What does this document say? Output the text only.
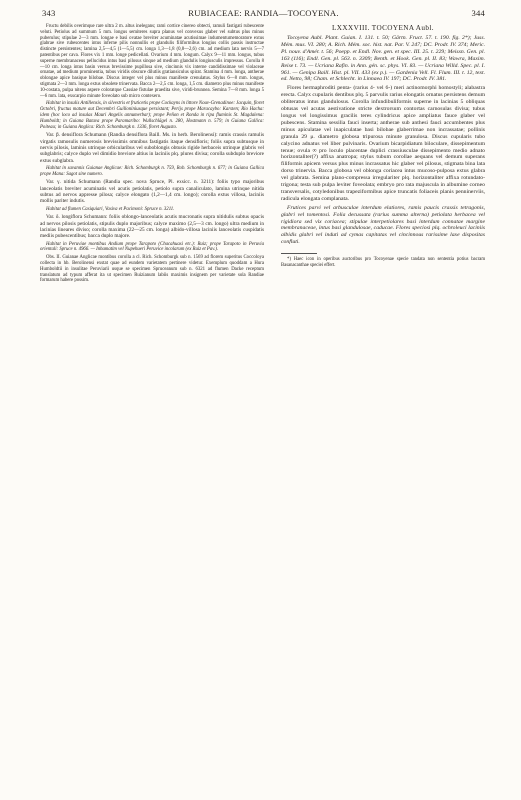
343	RUBIACEAE: RANDIA—TOCOYENA.	344

Fructu debilis overimque rare ultra 2 m. altus inelegans; rami cortice cinereo obtecti, ramuli fastigati rubescente veluti. Petiolus ad summum 5 mm. longus semiteres supra planus vel convexus glaber vel subtus plus minus puberulus; stipulae 2—3 mm. longae e basi ovatae breviter acuminatae acutissimae indumentumemoratore extus glabrae sive rubescentes intus inferne pilis nonnullis et glandulis filiformibus longius collis passis instructae distincte persistentes; lamina 2,5—4,5 (1—5,5) cm. longa 1,3—1,8 (0,8—2,6) cm. ad medium lata nervis 5—7 patentibus per cava. Flores vix 1 mm. longe pedicellati. Ovarium 4 mm. longum. Calyx 9—11 mm. longus, tubus superne membranaceus pellucidus intus basi pilosus sinque ad medium glandulis longiusculis impressus. Corolla 8—10 cm. longa intus basin versus brevissime pupillosa sive, cincinnis vix interne candidissimae vel violaceae ornatae, ad medium prominentia, tubus viridis obscure dilutiis gratiansiculus spirat. Stamina 4 mm. longa, antherae oblongae apice basique bilobae. Discus integer vel plus minus manifeste crenulatus. Stylus 6—8 mm. longus, stigmata 2—3 mm. longa extus obsolete trinervata. Bacca 2—2,5 cm. longa, 1,5 cm. diametro plus minus manifeste 10-costata, pulpa nitens aspere coloratque Cassiae fistulae praedita sive, viridi-brunnea. Semina 7—8 mm. longa 5—6 mm. lata, exscarpio minute foveolato sub micro contexero.

Habitat in insulis Antillensis, in silvestris et fruticetis prope Cockayns in littore Nouv-Grenadinoe: Jacquin, floret Octobri, fructus mature aut Decembri Guilloniniusque persistant; Perijs prope Maracaybo: Karsten; Rio Hacha: idem (hoc loco ad insulas Mauri Angelis annumerbar); prope Peñon et Ronda in ripa fluminis St. Magdalena: Humboldt; in Guiana Batava prope Paramaribo: Wullschlägel n. 280, Hostmann n. 579; in Guiana Gallica: Poiteau; in Guiana Anglica: Rich. Schomburgk n. 1336, floret Augusto.

Var. β. densiflora Schumann (Randia densiflora Baill. Ms. in herb. Berolinensi): ramis crassis ramulis virgatis ramosulis numerosis brevissimis omnibus fastigatis itaque densifloris; foliis supra subtusque in nervis pilosis, laminis utrinque orbicularibus vel suboblongis obtusis rigide herbaceis utrinque glabris vel subglabris; calyce duplo vel dimidio breviore altius in laciniis plq. plures divisa; corolla subduplo breviore extus subglabra.

Habitat in savannis Guianae Anglicae: Rich. Schomburgk n. 759, Rob. Schomburgk n. 677; in Guiana Gallica prope Mana: Sagot sine numero.

Var. γ. nitida Schumann (Randia spec. nova Spruce, Pl. exsicc. n. 3211): foliis typo majoribus lanceolatis breviter acuminatis vel acutis petiolatis, petiolo supra canaliculato, lamina utrinque nitida subtus ad nervos appresse pilosa; calyce elongato (1,2—1,4 cm. longo); corolla extus villosa, laciniis mollis pariter indutis.

Habitat ad flumen Casiquiari, Vasiva et Pacimoni: Spruce n. 3211.

Var. δ. longiflora Schumann: foliis oblongo-lanceolatis acutis mucronatis supra nitidulis subtus opacis ad nervos pilosis petiolatis, stipulis duplo majoribus; calyce maximo (2,5—3 cm. longo) ultra medium in lacinias lineares diviso; corolla maxima (22—25 cm. longa) albido-villosa laciniis lanceolatis cuspidatis mediis pubescentibus; bacca duplo majore.

Habitat in Peruviae montibus Andium prope Tarapoto (Chacahuasi etc.): Ruiz; prope Tarapoto in Peruvia orientali: Spruce n. 4966. — Inhamatim vel Nupehueri Peruvice incolarum (ex Ruiz et Pav.).

Obs. II. Guianae Anglicae montibus corolla a cl. Rich. Schomburgk sub n. 1569 ad florem superitus Coccoloya collecta in hb. Berolinensi exstat quae ad eundem varietatem pertinere videtur. Exemplum quoddam a Hura Humboldtii in insulitae Peruviarii usque se specimen Spruceanum sub n. 6321 ad flumen Dacke receptum translatum ad typum afferat ita ut specimen Ruizianum labiis maximis insignem per varietate sola Randiae formarum habere possim.

LXXXVIII. TOCOYENA Aubl.

Tocoyena Aubl. Plant. Guian. I. 131. t. 50; Gärtn. Fruct. 57. t. 190. fig. 2*); Juss. Mém. mus. VI. 280; A. Rich. Mém. soc. hist. nat. Par. V. 247; DC. Prodr. IV. 374; Meric. Pl. nouv. d'Amér. t. 56; Poepp. et Endl. Nov. gen. et spec. III. 25. t. 229; Meissn. Gen. pl. 163 (116); Endl. Gen. pl. 563. n. 3309; Benth. et Hook. Gen. pl. II. 83; Wawra, Maxim. Reise t. 73. — Ucriana Rafin. in Ann. gén. sc. phys. VI. 83. — Ucriana Willd. Spec. pl. I. 961. — Genipa Baill. Hist. pl. VII. 433 (ex p.). — Gardenia Vell. Fl. Flum. III. t. 12, text. ed. Nettо, 98; Cham. et Schlecht. in Linnaea IV. 197; DC. Prodr. IV. 381.

Flores hermaphroditi pentа- (rarius 4- vel 6-) meri actinomorphi homostyli; alabastra erecta. Calyx cupularis dentibus plq. 5 parvulis rarius elongatis ornatus persistens demum obliteratus intus glandulosus. Corolla infundibuliformis superne in lacinias 5 obliquas obtusas vel acutas aestivatione stricte dextrorsum contortas carnosulas divisa; tubus longus vel longissimus gracilis teres cylindricus apice ampliatus fauce glaber vel pubescens. Stamina sessilia fauci inserta; antherae sub anthesi fauci accumbentes plus minus apiculatae vel inapiculatae basi bilobae glaberrimae non incrassatae; pollinis granula 29 μ. diametro globosa tripurosa minute granulosa. Discus cupularis tubo calycino adnatus vel liber pulvinaris. Ovarium bicarpidiatum biloculare, dissepimentum tenue; ovula ∞ pro loculo placentae duplici crassiusculae dissepimento medio adnato horizontaliter(?) affixa anatropa; stylus tubum corollae aequans vel demum superans filiformis apicem versus plus minus incrassatus hic glaber vel pilosus, stigmata bina lata dorso trinervia. Bacca globosa vel oblonga coriacea intus mucoso-pulposa extus glabra vel glabrata. Semina plano-compressa irregulariter plq. horizontaliter affixa rotundato-trigona; testa sub pulpa leviter foveolata; embryo pro rata majuscula in albumine corneo transversalis, cotyledonibus trapeziformibus apice truncatis foliaceis planis penninerviis, radicula elongata complanata.

Frutices parvi vel arbusculae interdum elatiores, ramis paucis crassis tetragonis, glabri vel tomentosi. Folia decussata (rarius summa alterna) petiolata herbacea vel rigidiora sed vix coriacea; stipulae interpetiolares basi interdum connatae margine membranaceae, intus basi glandulosae, caducae. Flores speciosi plq. ochroleuci laciniis albidis glabri vel induti ad cymas capitatas vel cincinnous rarissime laxe dispositas confluti.

*) Haec icon in operibus auctoribus pro Tocoyenae specie tandata non sententia potius bacram Basanacanthae speciei effert.
